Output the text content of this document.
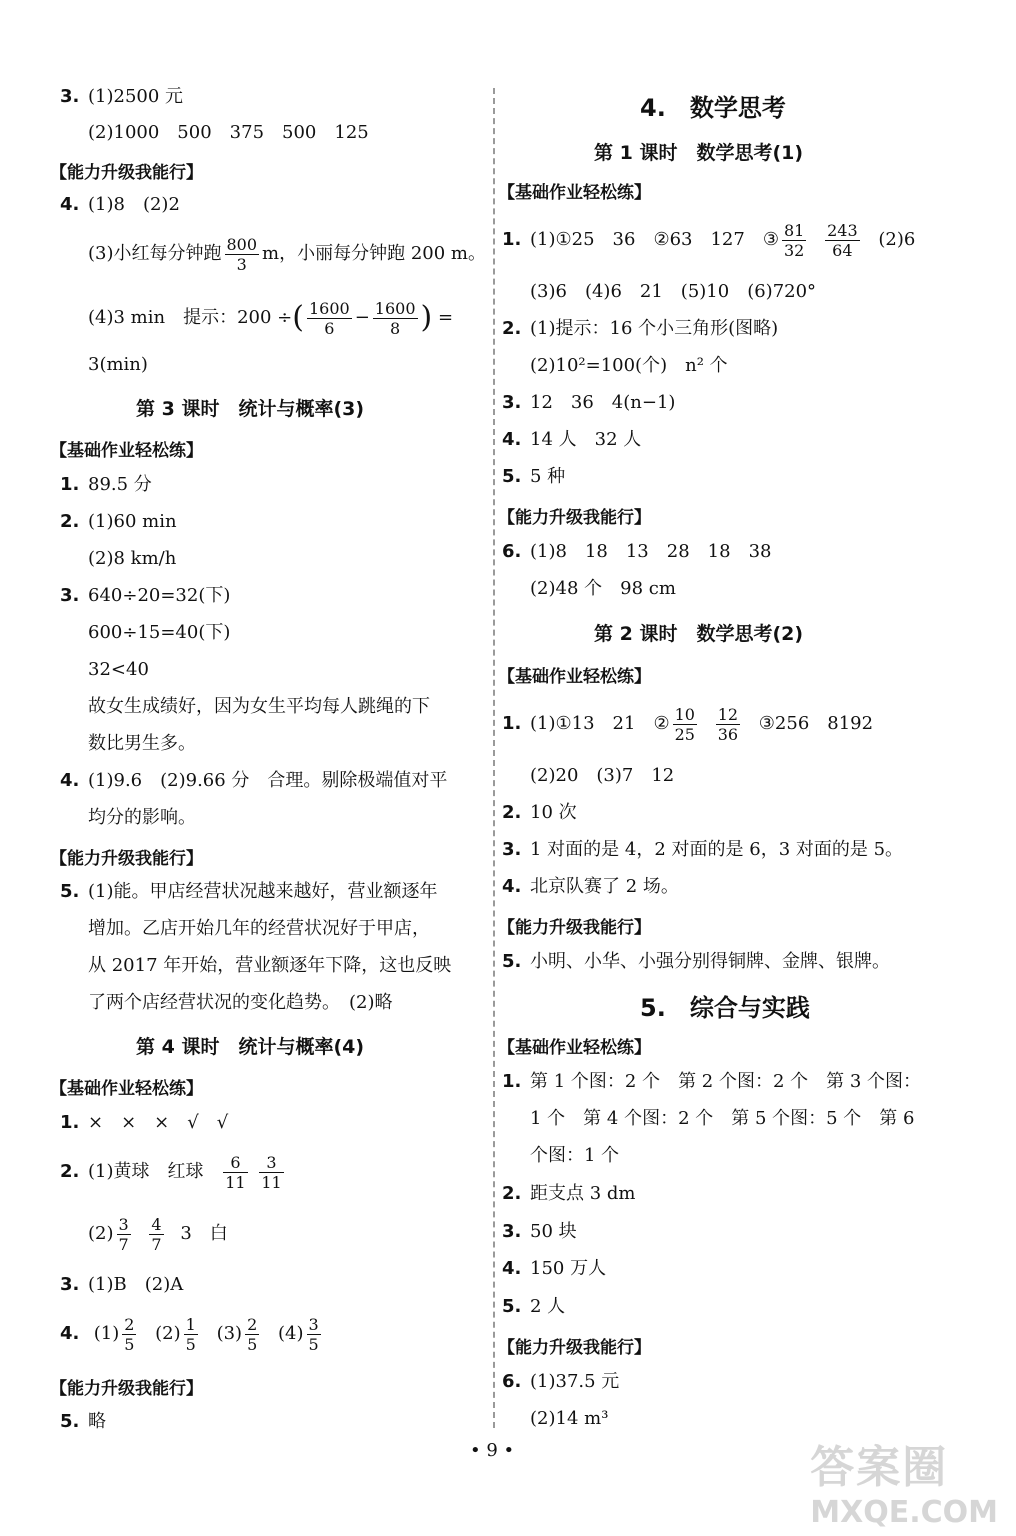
3. (1)2500 元
(2)1000　500　375　500　125
【能力升级我能行】
4. (1)8　(2)2
(3)小红每分钟跑 $\frac{800}{3}$ m，小丽每分钟跑 200 m。
(4)3 min　提示：200 ÷( $\frac{1600}{6} - \frac{1600}{8}$ ) =
3(min)
第 3 课时　统计与概率(3)
【基础作业轻松练】
1. 89.5 分
2. (1)60 min
(2)8 km/h
3. 640÷20=32(下)
600÷15=40(下)
32<40
故女生成绩好，因为女生平均每人跳绳的下
数比男生多。
4. (1)9.6　(2)9.66 分　合理。剔除极端值对平
均分的影响。
【能力升级我能行】
5. (1)能。甲店经营状况越来越好，营业额逐年
增加。乙店开始几年的经营状况好于甲店，
从 2017 年开始，营业额逐年下降，这也反映
了两个店经营状况的变化趋势。　(2)略
第 4 课时　统计与概率(4)
【基础作业轻松练】
1. ×　×　×　√　√
2. (1)黄球　红球 $\frac{6}{11}$
$\frac{3}{11}$
$(2) \frac{3}{7}$
$\frac{4}{7} 3$　白
3. (1)B　(2)A
4. $(1) \frac{2}{5} (2) \frac{1}{5} (3) \frac{2}{5} (4) \frac{3}{5}$
【能力升级我能行】
5. 略
4.　数学思考
第 1 课时　数学思考(1)
【基础作业轻松练】
1. (1)①25　36　②63　127　③ $\frac{81}{32}$
$\frac{243}{64} (2)6$
(3)6　(4)6　21　(5)10　(6)720°
2. (1)提示：16 个小三角形(图略)
(2)10²=100(个)　n² 个
3. 12　36　4(n−1)
4. 14 人　32 人
5. 5 种
【能力升级我能行】
6. (1)8　18　13　28　18　38
(2)48 个　98 cm
第 2 课时　数学思考(2)
【基础作业轻松练】
1. (1)①13　21　② $\frac{10}{25}$
$\frac{12}{36}$ ③256　8192
(2)20　(3)7　12
2. 10 次
3. 1 对面的是 4，2 对面的是 6，3 对面的是 5。
4. 北京队赛了 2 场。
【能力升级我能行】
5. 小明、小华、小强分别得铜牌、金牌、银牌。
5.　综合与实践
【基础作业轻松练】
1. 第 1 个图：2 个　第 2 个图：2 个　第 3 个图：
1 个　第 4 个图：2 个　第 5 个图：5 个　第 6
个图：1 个
2. 距支点 3 dm
3. 50 块
4. 150 万人
5. 2 人
【能力升级我能行】
6. (1)37.5 元
(2)14 m³
• 9 •	答案圈
MXQE.COM
